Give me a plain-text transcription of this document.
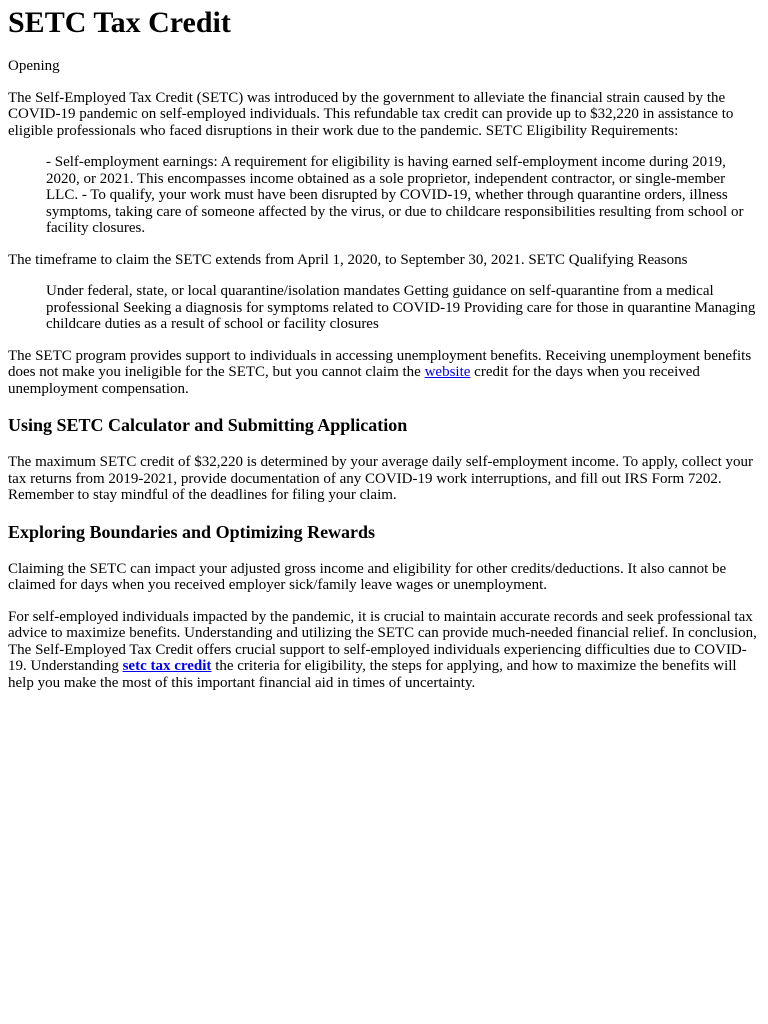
SETC Tax Credit

Opening

The Self-Employed Tax Credit (SETC) was introduced by the government to alleviate the financial strain caused by the COVID-19 pandemic on self-employed individuals. This refundable tax credit can provide up to $32,220 in assistance to eligible professionals who faced disruptions in their work due to the pandemic. SETC Eligibility Requirements:

- Self-employment earnings: A requirement for eligibility is having earned self-employment income during 2019, 2020, or 2021. This encompasses income obtained as a sole proprietor, independent contractor, or single-member LLC. - To qualify, your work must have been disrupted by COVID-19, whether through quarantine orders, illness symptoms, taking care of someone affected by the virus, or due to childcare responsibilities resulting from school or facility closures.

The timeframe to claim the SETC extends from April 1, 2020, to September 30, 2021. SETC Qualifying Reasons

Under federal, state, or local quarantine/isolation mandates Getting guidance on self-quarantine from a medical professional Seeking a diagnosis for symptoms related to COVID-19 Providing care for those in quarantine Managing childcare duties as a result of school or facility closures

The SETC program provides support to individuals in accessing unemployment benefits. Receiving unemployment benefits does not make you ineligible for the SETC, but you cannot claim the website credit for the days when you received unemployment compensation.

Using SETC Calculator and Submitting Application

The maximum SETC credit of $32,220 is determined by your average daily self-employment income. To apply, collect your tax returns from 2019-2021, provide documentation of any COVID-19 work interruptions, and fill out IRS Form 7202. Remember to stay mindful of the deadlines for filing your claim.

Exploring Boundaries and Optimizing Rewards

Claiming the SETC can impact your adjusted gross income and eligibility for other credits/deductions. It also cannot be claimed for days when you received employer sick/family leave wages or unemployment.

For self-employed individuals impacted by the pandemic, it is crucial to maintain accurate records and seek professional tax advice to maximize benefits. Understanding and utilizing the SETC can provide much-needed financial relief. In conclusion, The Self-Employed Tax Credit offers crucial support to self-employed individuals experiencing difficulties due to COVID-19. Understanding setc tax credit the criteria for eligibility, the steps for applying, and how to maximize the benefits will help you make the most of this important financial aid in times of uncertainty.
